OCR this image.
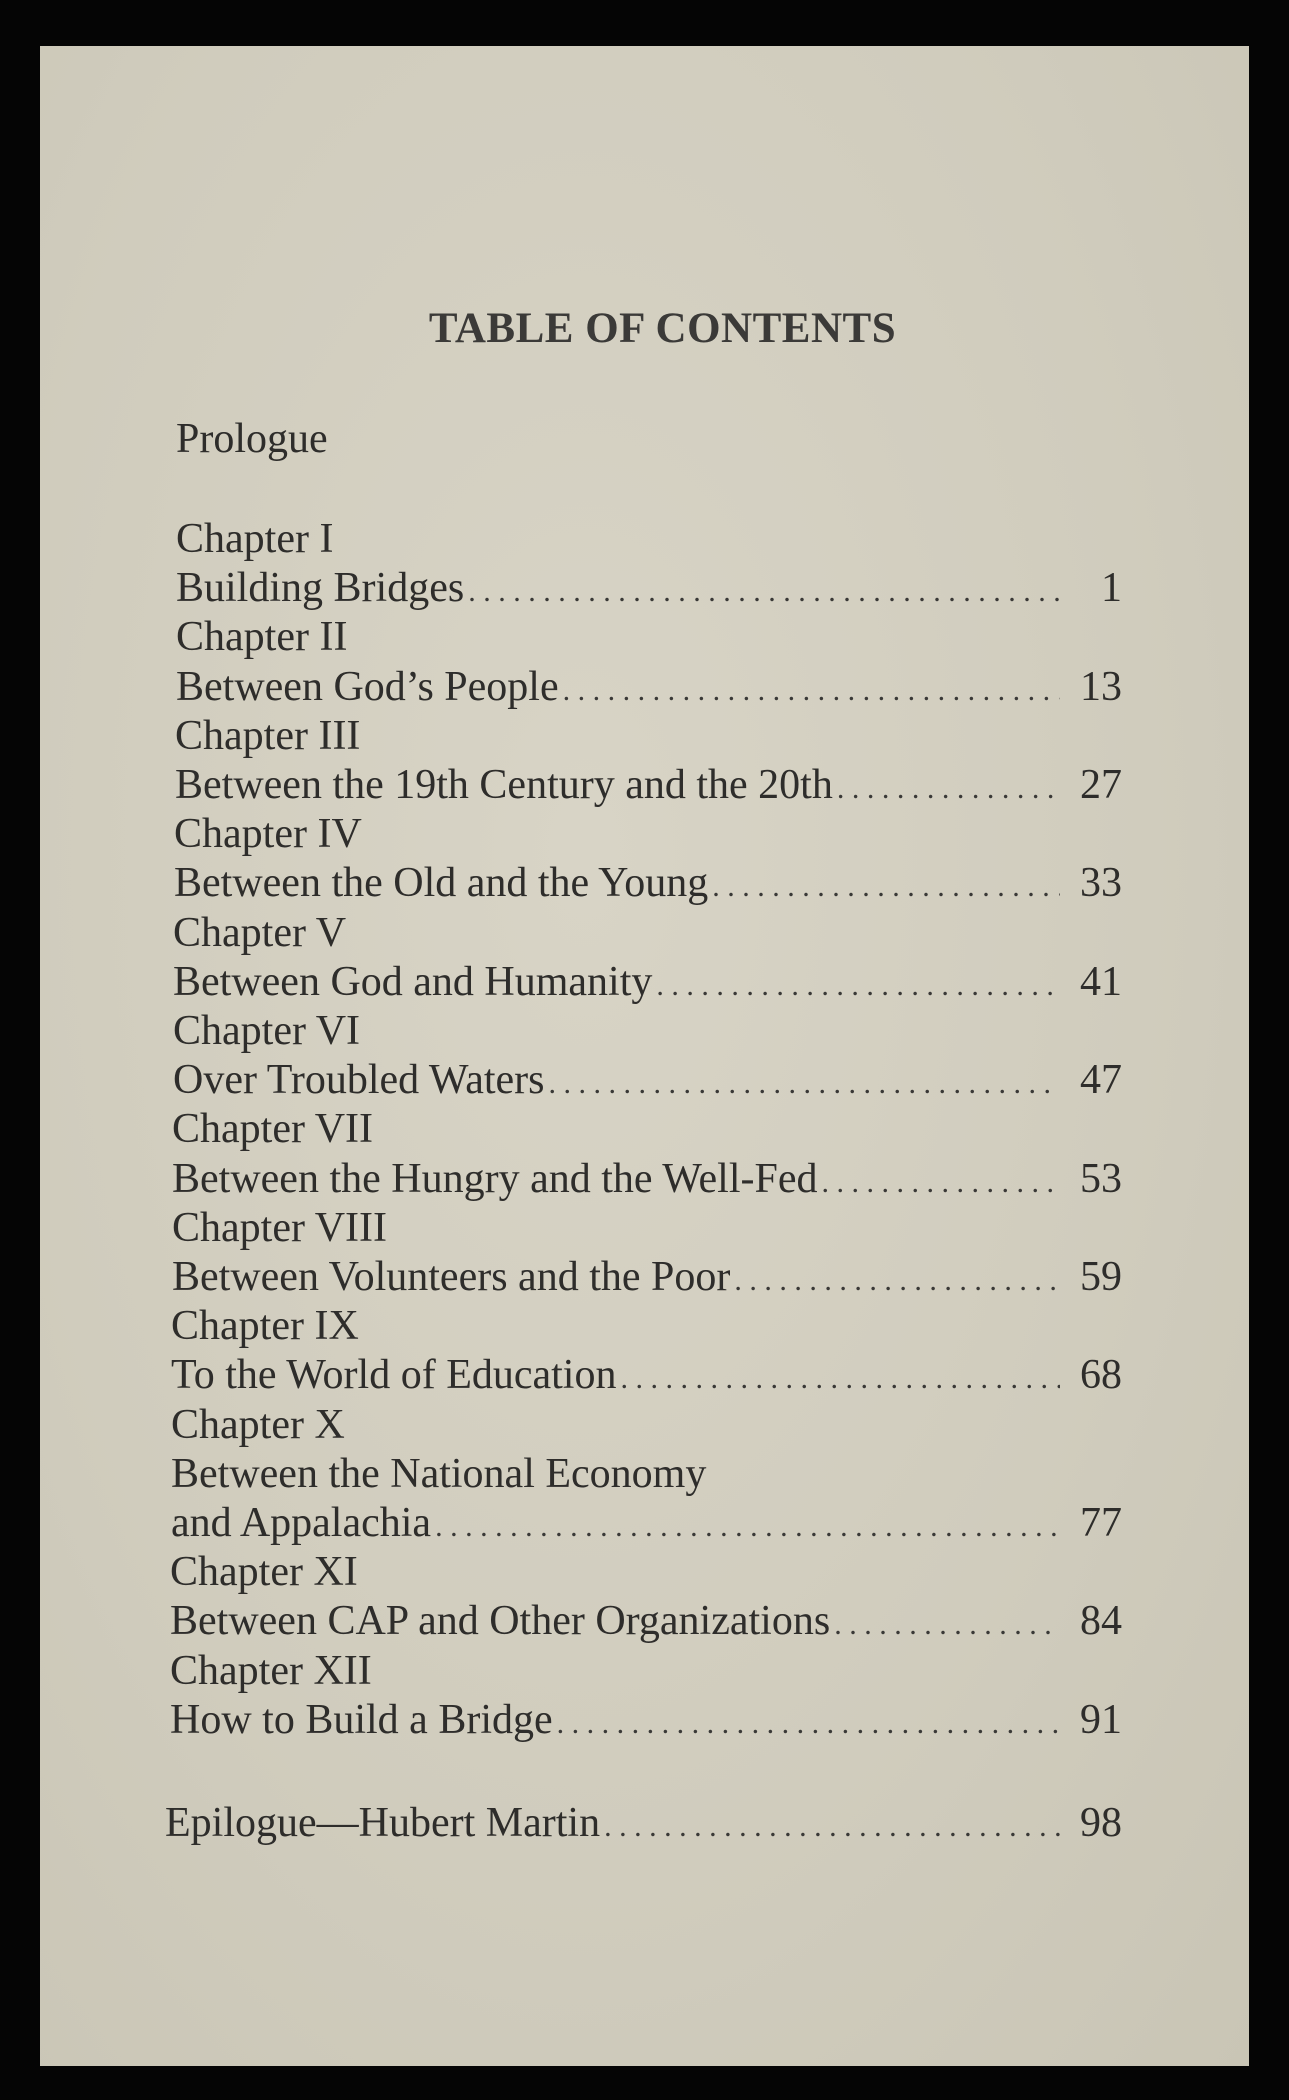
TABLE OF CONTENTS
Prologue
Chapter I
Building Bridges . . .	1
Chapter II
Between God’s People . . .	13
Chapter III
Between the 19th Century and the 20th . . .	27
Chapter IV
Between the Old and the Young . . .	33
Chapter V
Between God and Humanity . . .	41
Chapter VI
Over Troubled Waters . . .	47
Chapter VII
Between the Hungry and the Well-Fed . . .	53
Chapter VIII
Between Volunteers and the Poor . . .	59
Chapter IX
To the World of Education . . .	68
Chapter X
Between the National Economy
and Appalachia . . .	77
Chapter XI
Between CAP and Other Organizations . . .	84
Chapter XII
How to Build a Bridge . . .	91
Epilogue—Hubert Martin . . .	98
